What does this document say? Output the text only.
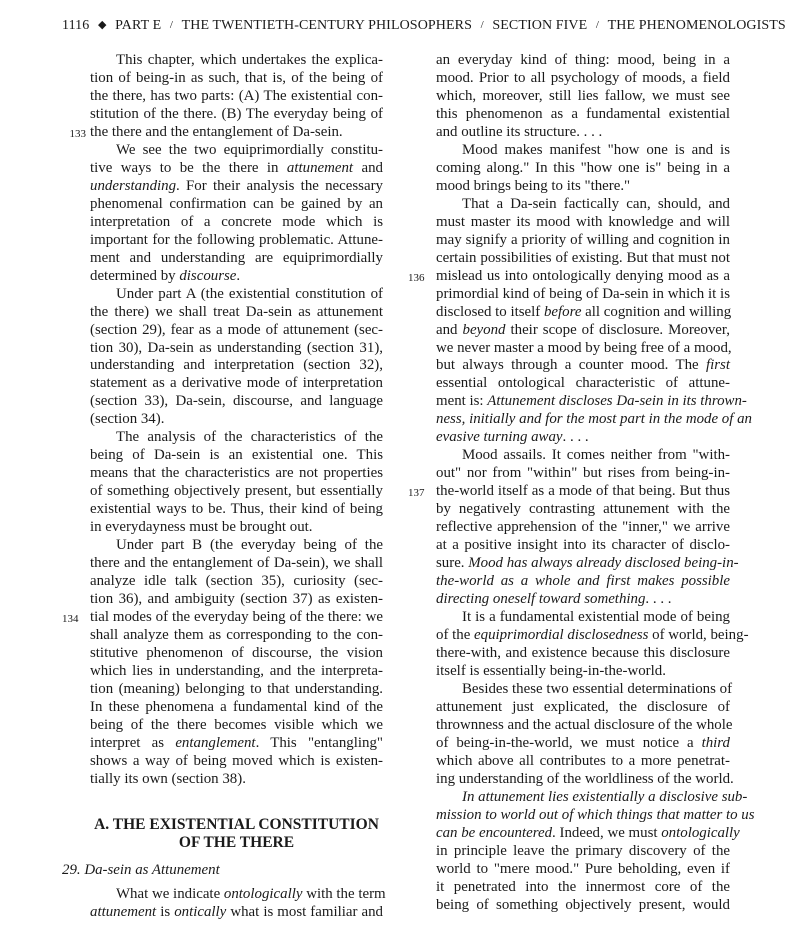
1116 ◆ PART E / THE TWENTIETH-CENTURY PHILOSOPHERS / SECTION FIVE / THE PHENOMENOLOGISTS
This chapter, which undertakes the explica-
tion of being-in as such, that is, of the being of
the there, has two parts: (A) The existential con-
stitution of the there. (B) The everyday being of
the there and the entanglement of Da-sein.
133
We see the two equiprimordially constitu-
tive ways to be the there in attunement and
understanding. For their analysis the necessary
phenomenal confirmation can be gained by an
interpretation of a concrete mode which is
important for the following problematic. Attune-
ment and understanding are equiprimordially
determined by discourse.
Under part A (the existential constitution of
the there) we shall treat Da-sein as attunement
(section 29), fear as a mode of attunement (sec-
tion 30), Da-sein as understanding (section 31),
understanding and interpretation (section 32),
statement as a derivative mode of interpretation
(section 33), Da-sein, discourse, and language
(section 34).
The analysis of the characteristics of the
being of Da-sein is an existential one. This
means that the characteristics are not properties
of something objectively present, but essentially
existential ways to be. Thus, their kind of being
in everydayness must be brought out.
Under part B (the everyday being of the
there and the entanglement of Da-sein), we shall
analyze idle talk (section 35), curiosity (sec-
tion 36), and ambiguity (section 37) as existen-
tial modes of the everyday being of the there: we
134
shall analyze them as corresponding to the con-
stitutive phenomenon of discourse, the vision
which lies in understanding, and the interpreta-
tion (meaning) belonging to that understanding.
In these phenomena a fundamental kind of the
being of the there becomes visible which we
interpret as entanglement. This "entangling"
shows a way of being moved which is existen-
tially its own (section 38).
A. THE EXISTENTIAL CONSTITUTION
OF THE THERE
29. Da-sein as Attunement
What we indicate ontologically with the term
attunement is ontically what is most familiar and
an everyday kind of thing: mood, being in a
mood. Prior to all psychology of moods, a field
which, moreover, still lies fallow, we must see
this phenomenon as a fundamental existential
and outline its structure. . . .
Mood makes manifest "how one is and is
coming along." In this "how one is" being in a
mood brings being to its "there."
That a Da-sein factically can, should, and
must master its mood with knowledge and will
may signify a priority of willing and cognition in
certain possibilities of existing. But that must not
mislead us into ontologically denying mood as a
136
primordial kind of being of Da-sein in which it is
disclosed to itself before all cognition and willing
and beyond their scope of disclosure. Moreover,
we never master a mood by being free of a mood,
but always through a counter mood. The first
essential ontological characteristic of attune-
ment is: Attunement discloses Da-sein in its thrown-
ness, initially and for the most part in the mode of an
evasive turning away. . . .
Mood assails. It comes neither from "with-
out" nor from "within" but rises from being-in-
the-world itself as a mode of that being. But thus
137
by negatively contrasting attunement with the
reflective apprehension of the "inner," we arrive
at a positive insight into its character of disclo-
sure. Mood has always already disclosed being-in-
the-world as a whole and first makes possible
directing oneself toward something. . . .
It is a fundamental existential mode of being
of the equiprimordial disclosedness of world, being-
there-with, and existence because this disclosure
itself is essentially being-in-the-world.
Besides these two essential determinations of
attunement just explicated, the disclosure of
thrownness and the actual disclosure of the whole
of being-in-the-world, we must notice a third
which above all contributes to a more penetrat-
ing understanding of the worldliness of the world.
In attunement lies existentially a disclosive sub-
mission to world out of which things that matter to us
can be encountered. Indeed, we must ontologically
in principle leave the primary discovery of the
world to "mere mood." Pure beholding, even if
it penetrated into the innermost core of the
being of something objectively present, would
